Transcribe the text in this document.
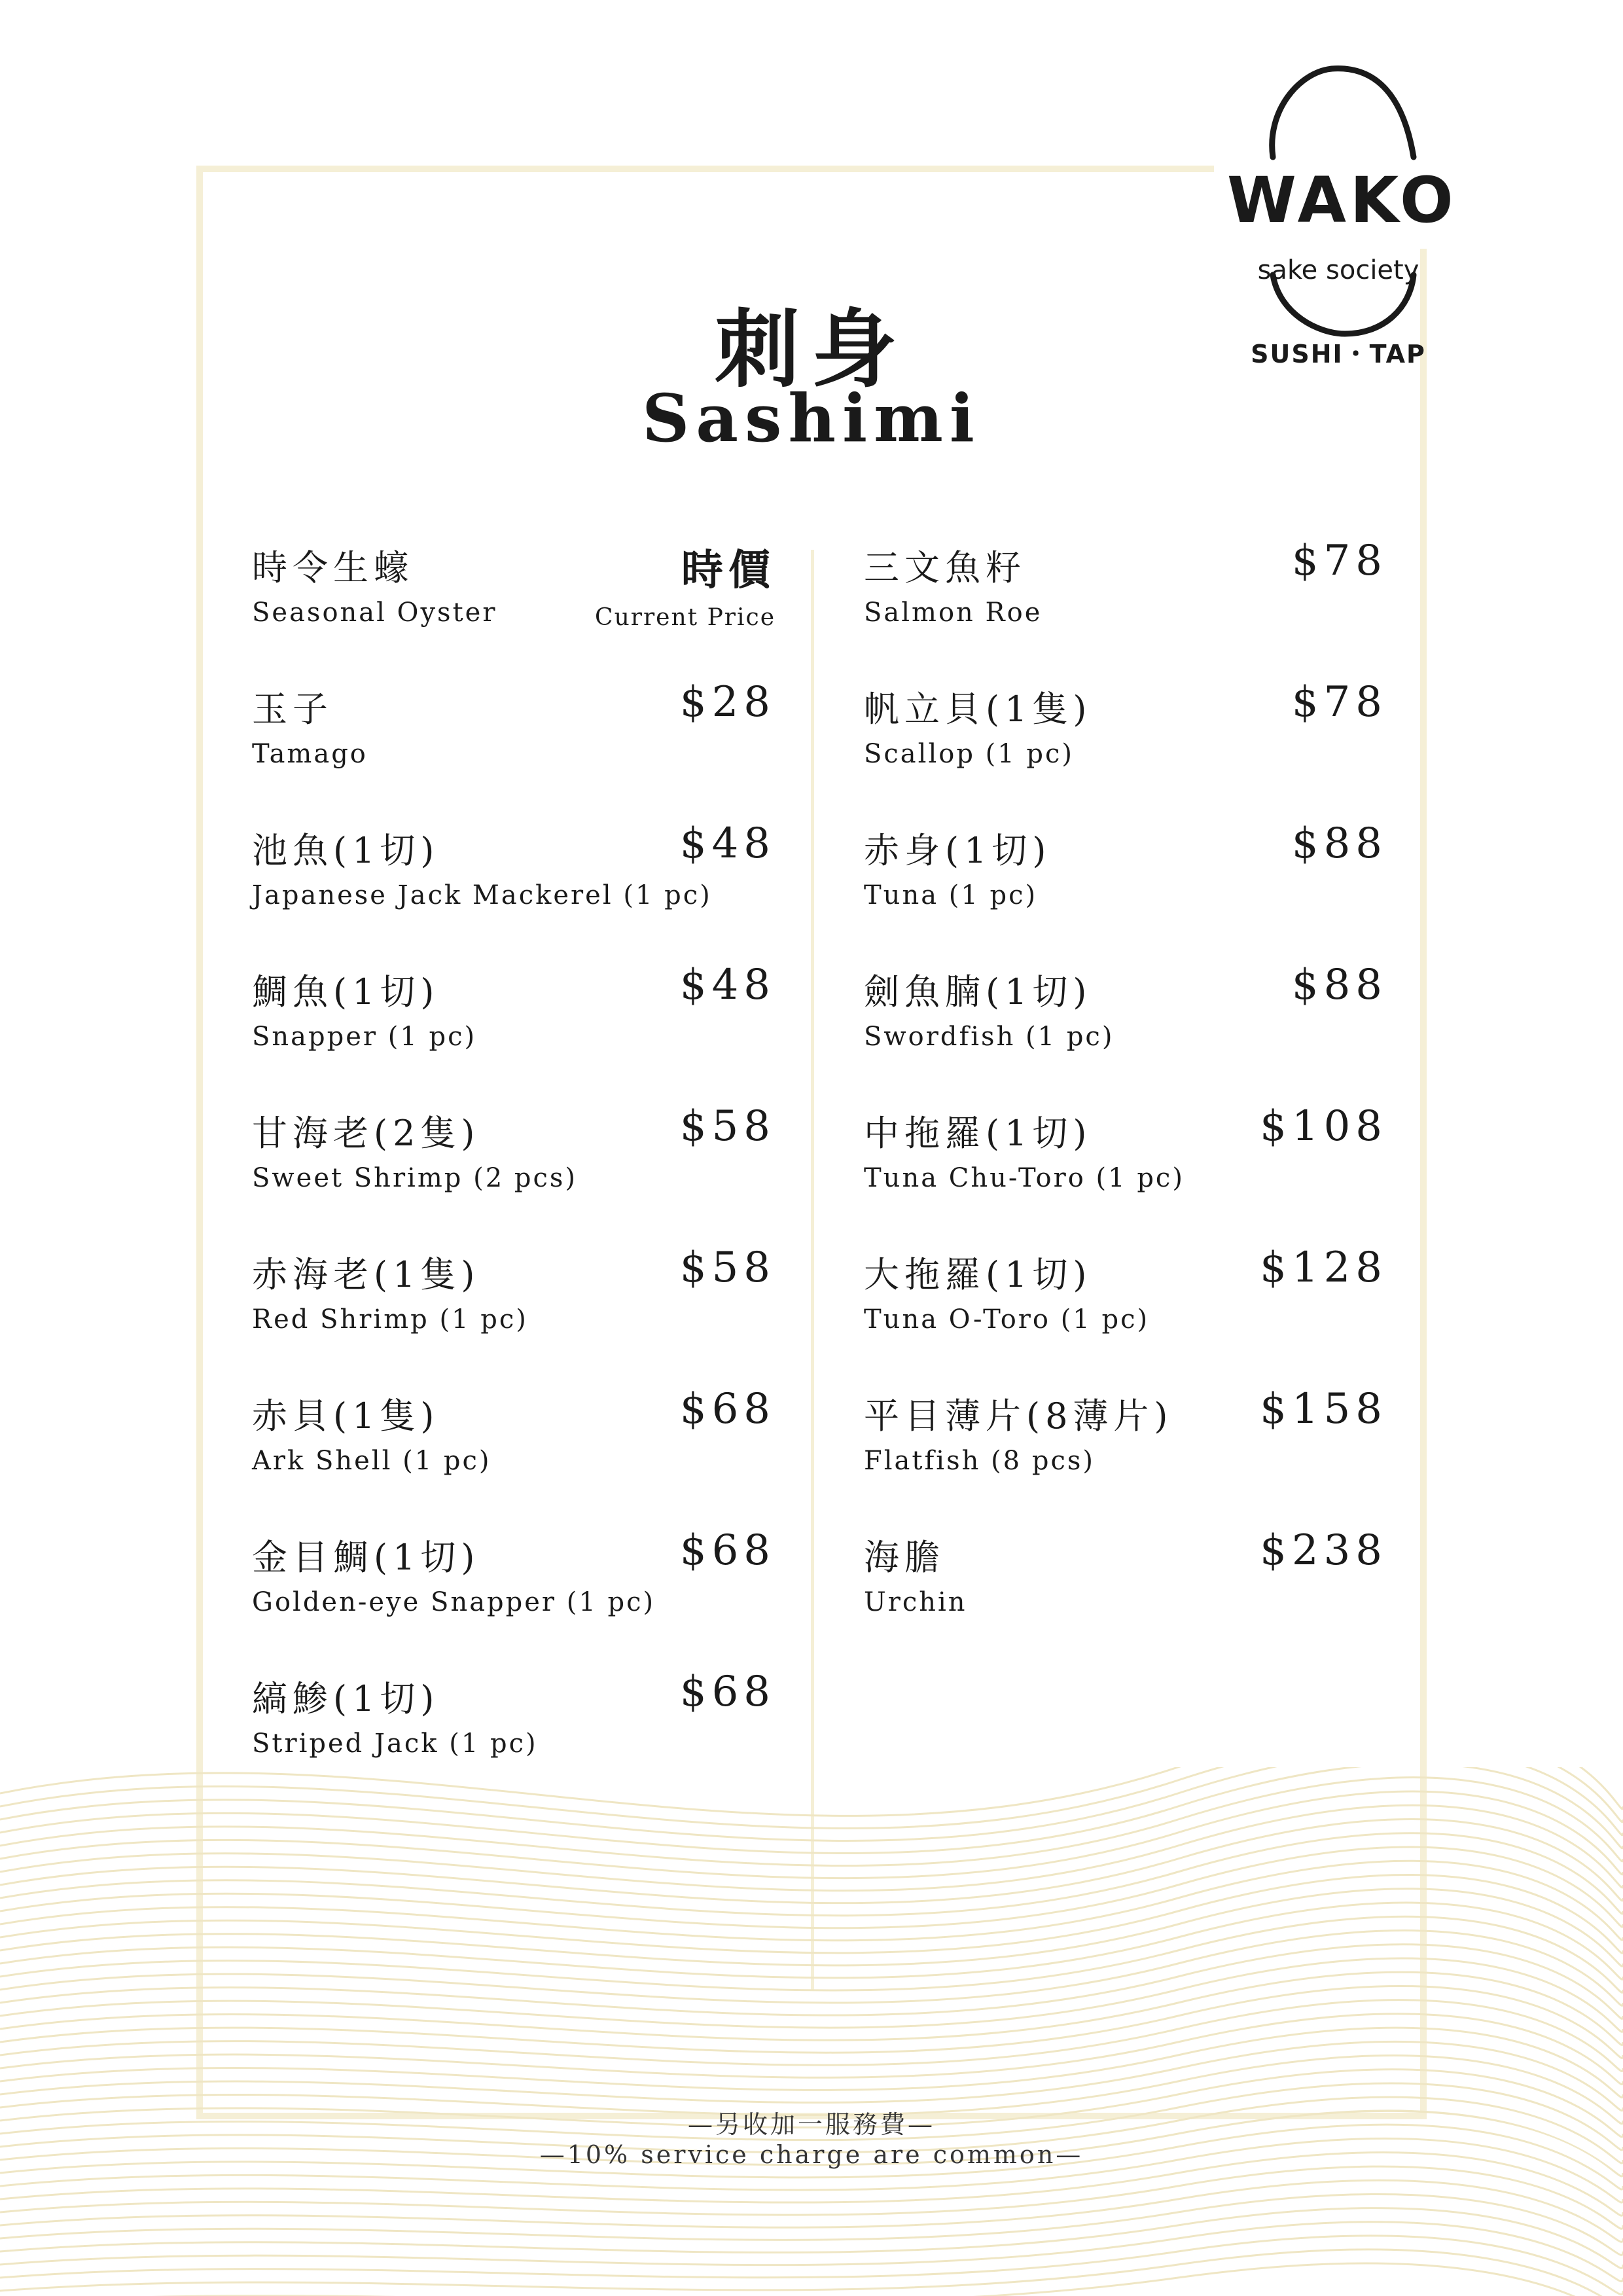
WAKO
sake society
SUSHI・TAP
刺身
Sashimi
時令生蠔
Seasonal Oyster
時價
Current Price
玉子
Tamago
$28
池魚(1切)
Japanese Jack Mackerel (1 pc)
$48
鯛魚(1切)
Snapper (1 pc)
$48
甘海老(2隻)
Sweet Shrimp (2 pcs)
$58
赤海老(1隻)
Red Shrimp (1 pc)
$58
赤貝(1隻)
Ark Shell (1 pc)
$68
金目鯛(1切)
Golden-eye Snapper (1 pc)
$68
縞鯵(1切)
Striped Jack (1 pc)
$68
三文魚籽
Salmon Roe
$78
帆立貝(1隻)
Scallop (1 pc)
$78
赤身(1切)
Tuna (1 pc)
$88
劍魚腩(1切)
Swordfish (1 pc)
$88
中拖羅(1切)
Tuna Chu-Toro (1 pc)
$108
大拖羅(1切)
Tuna O-Toro (1 pc)
$128
平目薄片(8薄片)
Flatfish (8 pcs)
$158
海膽
Urchin
$238
—另收加一服務費—
—10% service charge are common—
